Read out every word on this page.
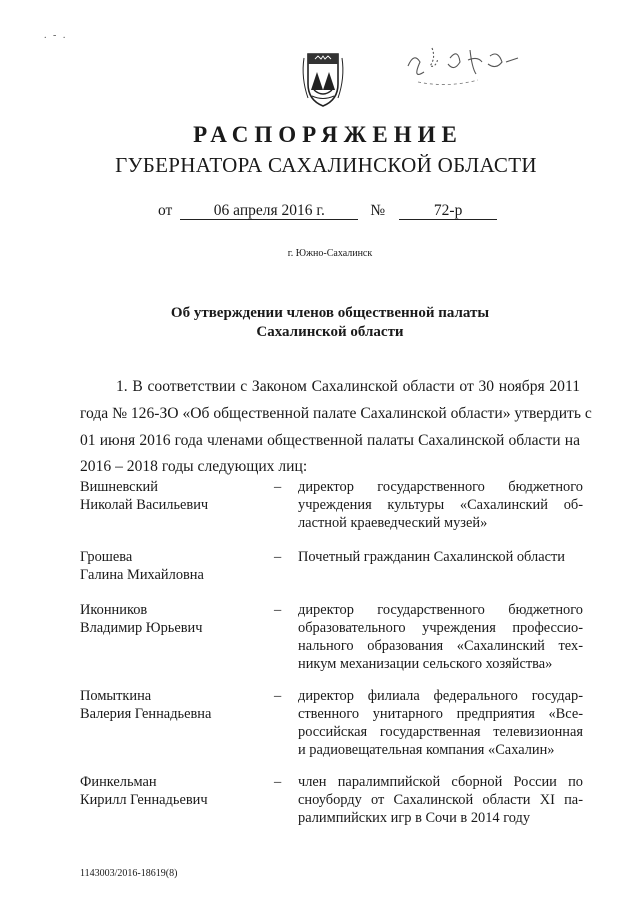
. - .
РАСПОРЯЖЕНИЕ
ГУБЕРНАТОРА САХАЛИНСКОЙ ОБЛАСТИ
от	06 апреля 2016 г.	№	72-р
г. Южно-Сахалинск
Об утверждении членов общественной палаты
Сахалинской области
1. В соответствии с Законом Сахалинской области от 30 ноября 2011
года № 126-ЗО «Об общественной палате Сахалинской области» утвердить с
01 июня 2016 года членами общественной палаты Сахалинской области на
2016 – 2018 годы следующих лиц:
Вишневский
Николай Васильевич
– директор государственного бюджетного
учреждения культуры «Сахалинский об-
ластной краеведческий музей»
Грошева
Галина Михайловна
– Почетный гражданин Сахалинской области
Иконников
Владимир Юрьевич
– директор государственного бюджетного
образовательного учреждения профессио-
нального образования «Сахалинский тех-
никум механизации сельского хозяйства»
Помыткина
Валерия Геннадьевна
– директор филиала федерального государ-
ственного унитарного предприятия «Все-
российская государственная телевизионная
и радиовещательная компания «Сахалин»
Финкельман
Кирилл Геннадьевич
– член паралимпийской сборной России по
сноуборду от Сахалинской области XI па-
ралимпийских игр в Сочи в 2014 году
1143003/2016-18619(8)
